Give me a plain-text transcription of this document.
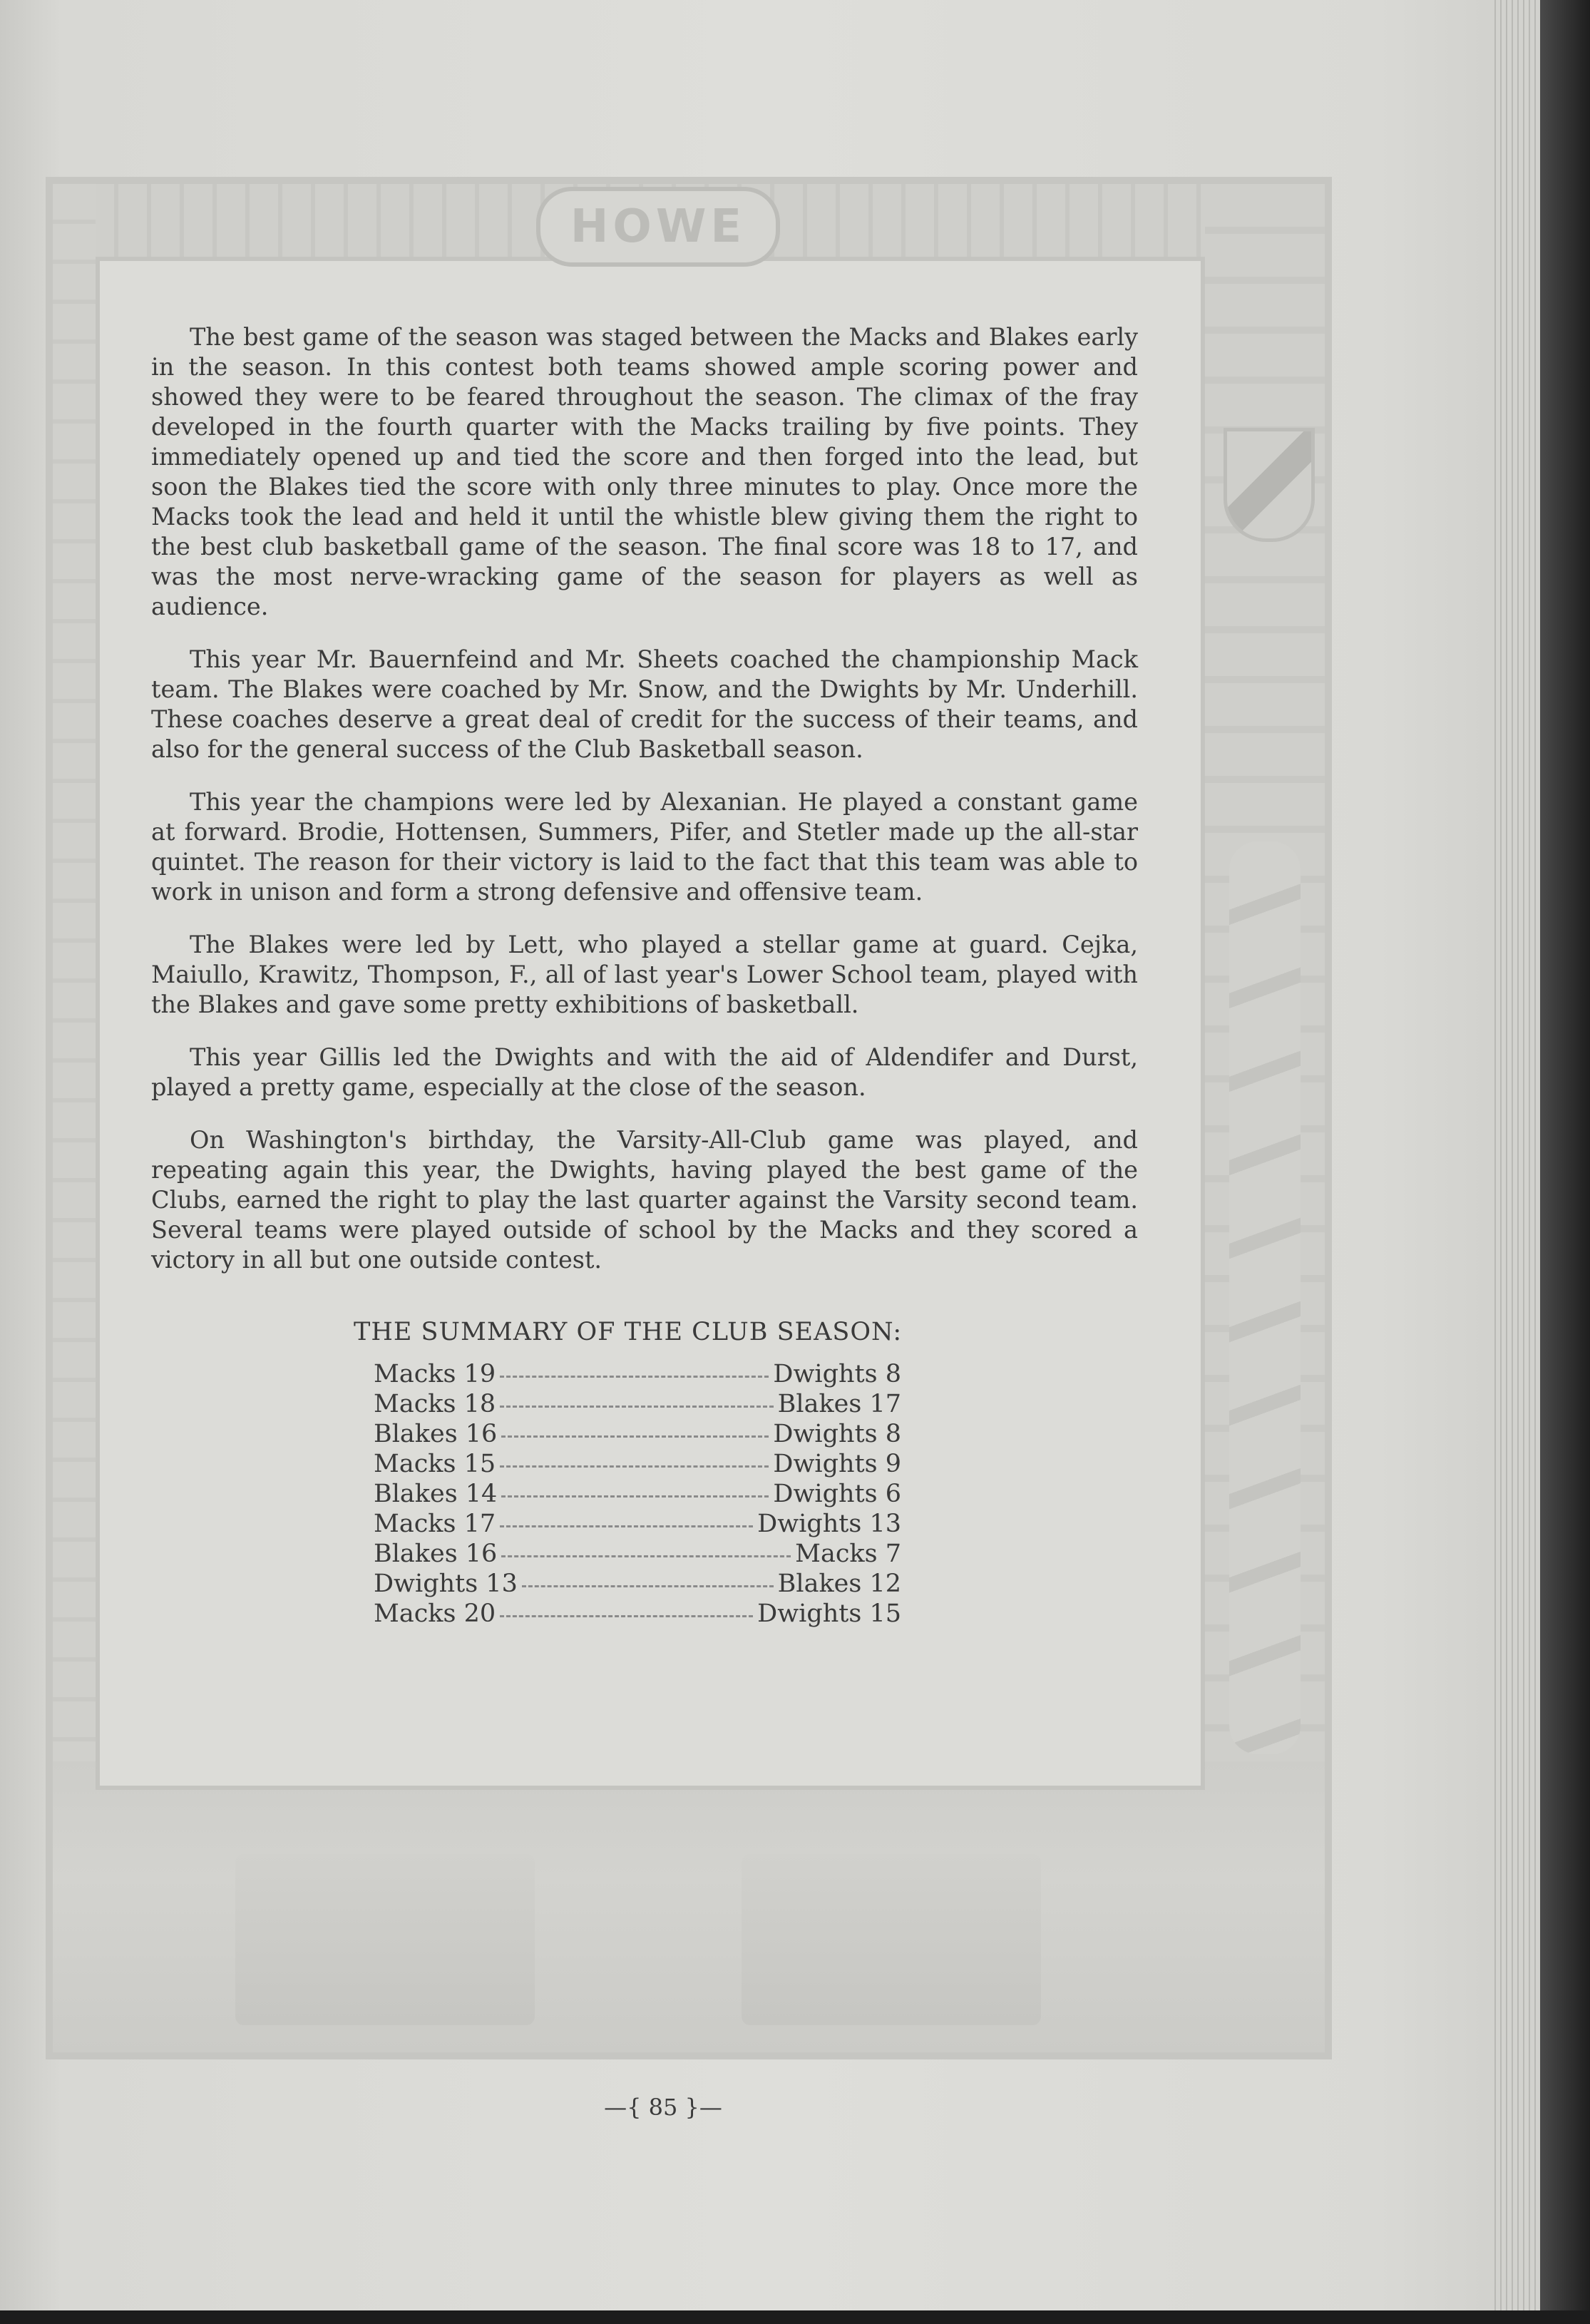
HOWE

The best game of the season was staged between the Macks and Blakes early in the season. In this contest both teams showed ample scoring power and showed they were to be feared throughout the season. The climax of the fray developed in the fourth quarter with the Macks trailing by five points. They immediately opened up and tied the score and then forged into the lead, but soon the Blakes tied the score with only three minutes to play. Once more the Macks took the lead and held it until the whistle blew giving them the right to the best club basketball game of the season. The final score was 18 to 17, and was the most nerve-wracking game of the season for players as well as audience.

This year Mr. Bauernfeind and Mr. Sheets coached the championship Mack team. The Blakes were coached by Mr. Snow, and the Dwights by Mr. Underhill. These coaches deserve a great deal of credit for the success of their teams, and also for the general success of the Club Basketball season.

This year the champions were led by Alexanian. He played a constant game at forward. Brodie, Hottensen, Summers, Pifer, and Stetler made up the all-star quintet. The reason for their victory is laid to the fact that this team was able to work in unison and form a strong defensive and offensive team.

The Blakes were led by Lett, who played a stellar game at guard. Cejka, Maiullo, Krawitz, Thompson, F., all of last year's Lower School team, played with the Blakes and gave some pretty exhibitions of basketball.

This year Gillis led the Dwights and with the aid of Aldendifer and Durst, played a pretty game, especially at the close of the season.

On Washington's birthday, the Varsity-All-Club game was played, and repeating again this year, the Dwights, having played the best game of the Clubs, earned the right to play the last quarter against the Varsity second team. Several teams were played outside of school by the Macks and they scored a victory in all but one outside contest.

THE SUMMARY OF THE CLUB SEASON:
Macks 19	Dwights 8
Macks 18	Blakes 17
Blakes 16	Dwights 8
Macks 15	Dwights 9
Blakes 14	Dwights 6
Macks 17	Dwights 13
Blakes 16	Macks 7
Dwights 13	Blakes 12
Macks 20	Dwights 15
—{ 85 }—
